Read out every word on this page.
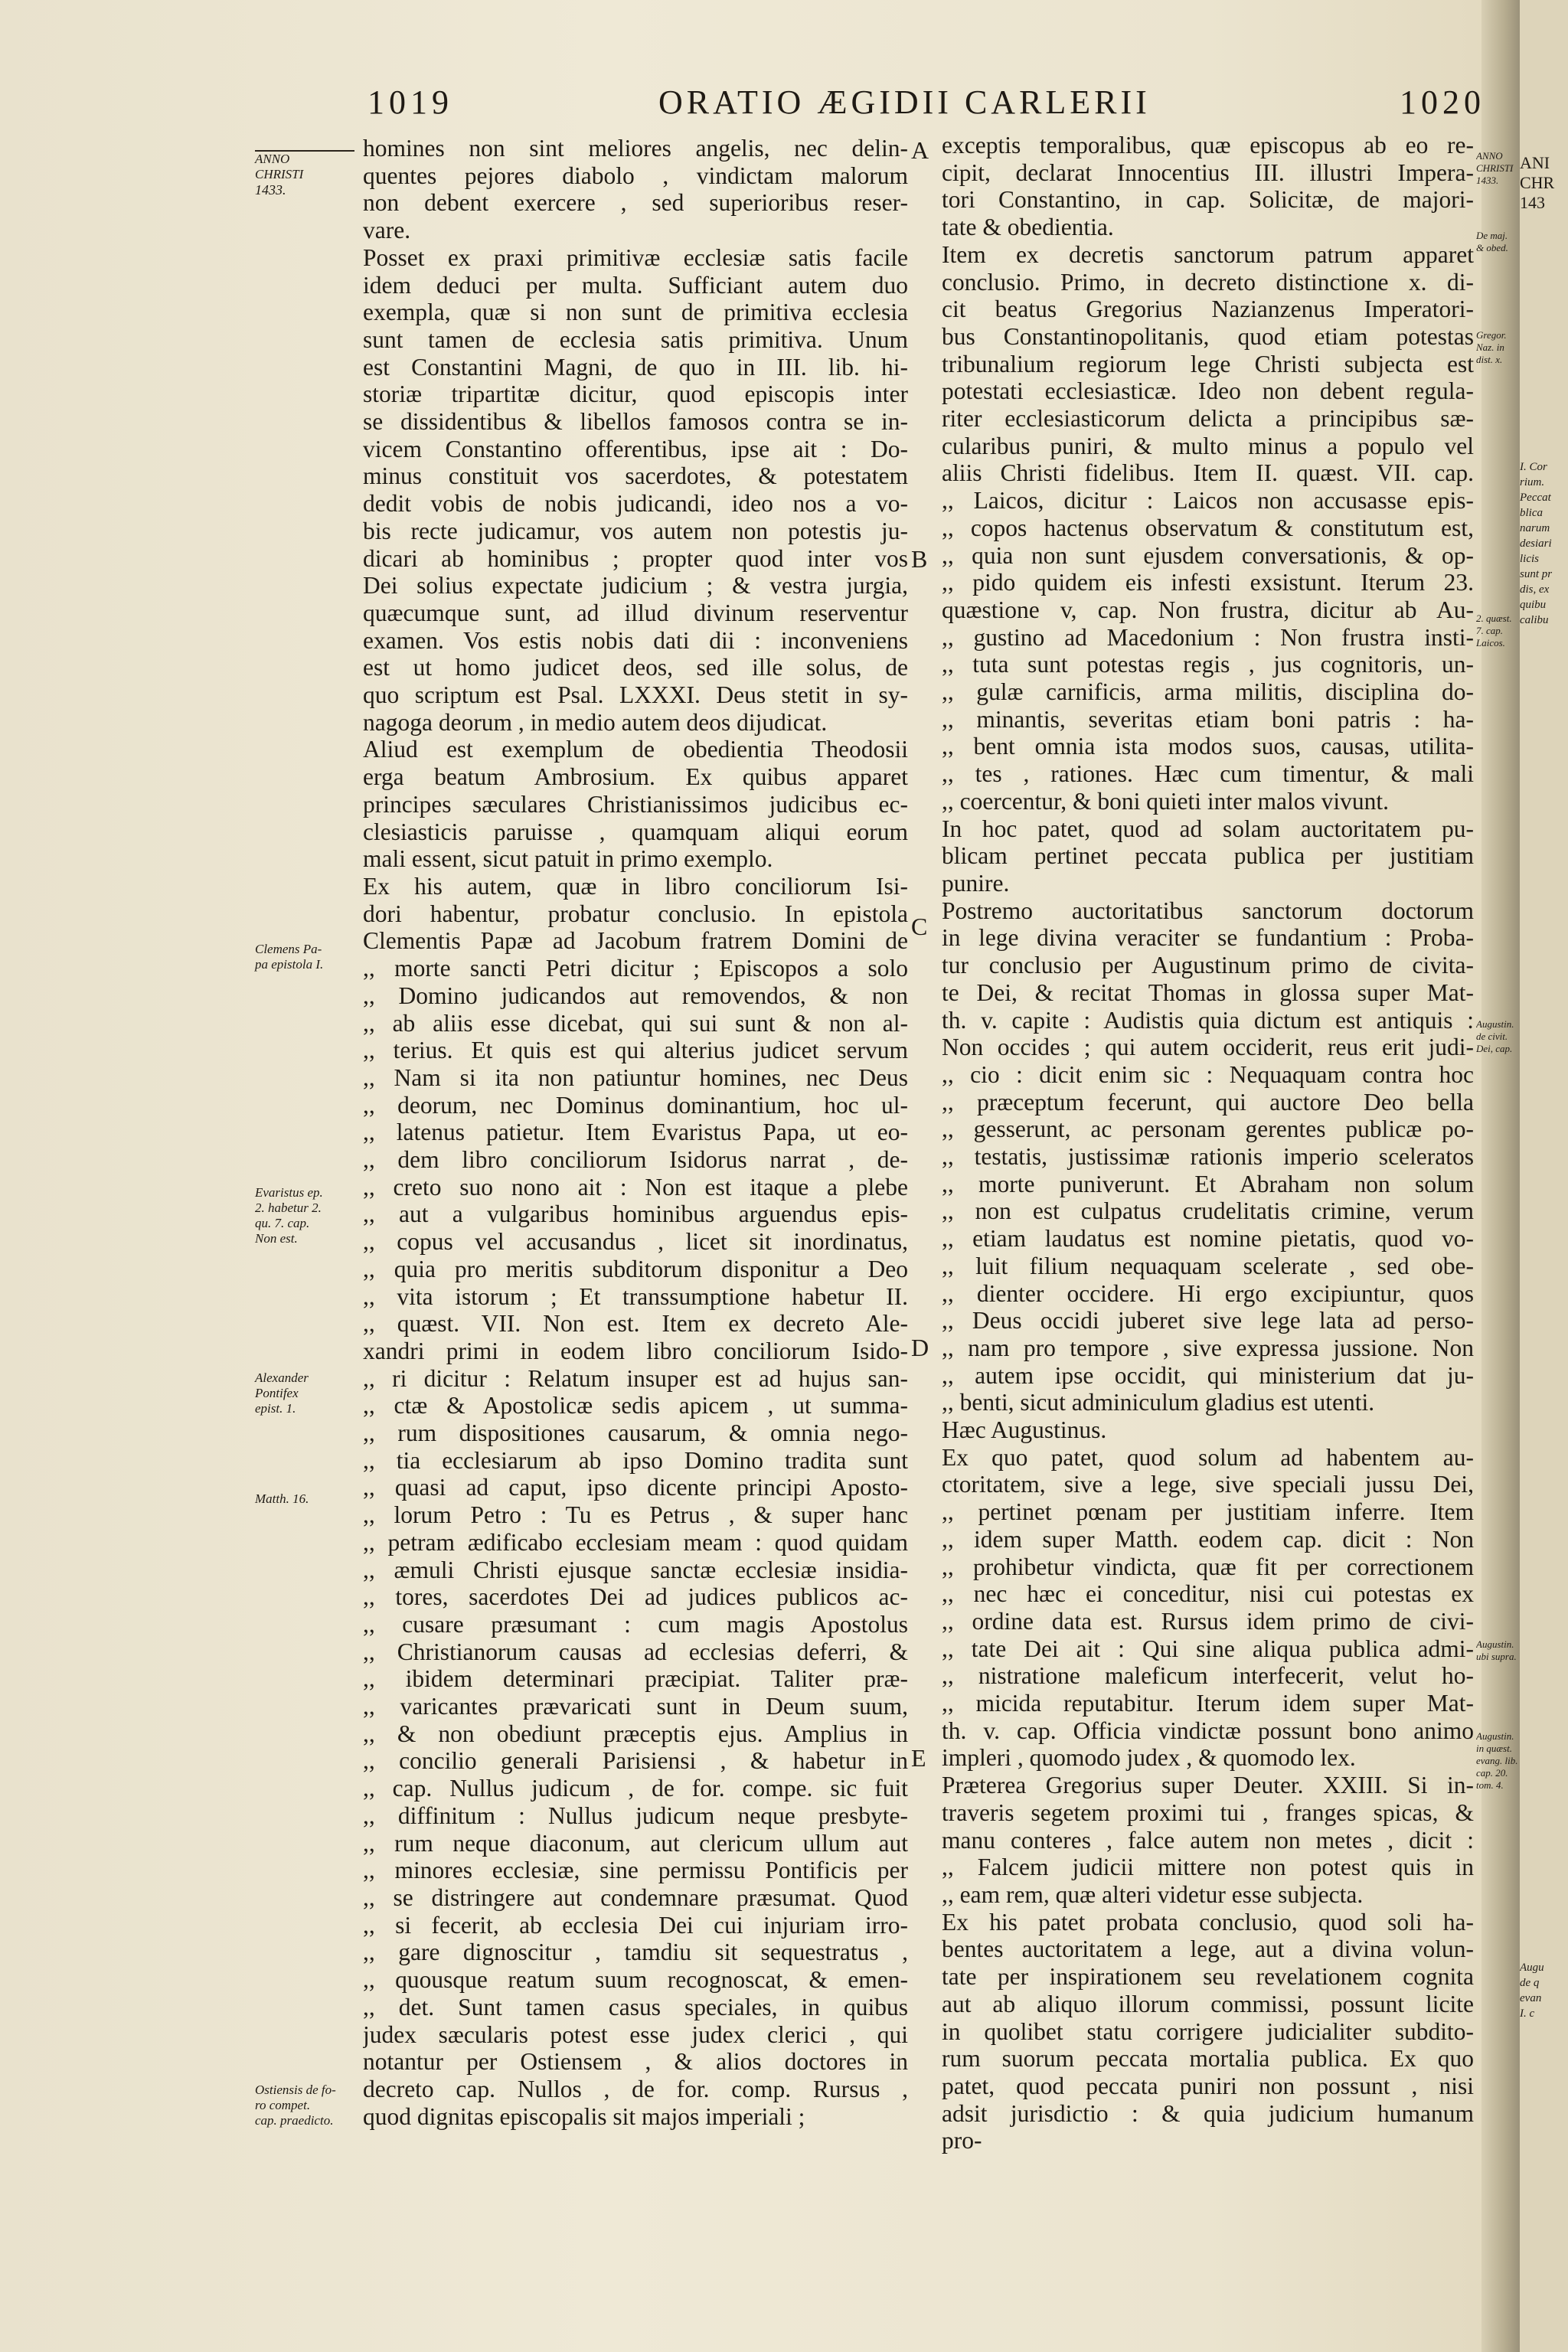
ANI
CHR
143
I. Cor
rium.
Peccat
blica
narum
desiari
licis
sunt pr
dis, ex
quibu
calibu
Augu
de q
evan
I. c
1019	ORATIO ÆGIDII CARLERII	1020
ANNO
CHRISTI
1433.
Clemens Pa-
pa epistola I.
Evaristus ep.
2. habetur 2.
qu. 7. cap.
Non est.
Alexander
Pontifex
epist. 1.
Matth. 16.
Ostiensis de fo-
ro compet.
cap. praedicto.
A
B
C
D
E
homines non sint meliores angelis, nec delin-
quentes pejores diabolo , vindictam malorum
non debent exercere , sed superioribus reser-
vare.
Posset ex praxi primitivæ ecclesiæ satis facile
idem deduci per multa. Sufficiant autem duo
exempla, quæ si non sunt de primitiva ecclesia
sunt tamen de ecclesia satis primitiva. Unum
est Constantini Magni, de quo in III. lib. hi-
storiæ tripartitæ dicitur, quod episcopis inter
se dissidentibus & libellos famosos contra se in-
vicem Constantino offerentibus, ipse ait : Do-
minus constituit vos sacerdotes, & potestatem
dedit vobis de nobis judicandi, ideo nos a vo-
bis recte judicamur, vos autem non potestis ju-
dicari ab hominibus ; propter quod inter vos
Dei solius expectate judicium ; & vestra jurgia,
quæcumque sunt, ad illud divinum reserventur
examen. Vos estis nobis dati dii : inconveniens
est ut homo judicet deos, sed ille solus, de
quo scriptum est Psal. LXXXI. Deus stetit in sy-
nagoga deorum , in medio autem deos dijudicat.
Aliud est exemplum de obedientia Theodosii
erga beatum Ambrosium. Ex quibus apparet
principes sæculares Christianissimos judicibus ec-
clesiasticis paruisse , quamquam aliqui eorum
mali essent, sicut patuit in primo exemplo.
Ex his autem, quæ in libro conciliorum Isi-
dori habentur, probatur conclusio. In epistola
Clementis Papæ ad Jacobum fratrem Domini de
,, morte sancti Petri dicitur ; Episcopos a solo
,, Domino judicandos aut removendos, & non
,, ab aliis esse dicebat, qui sui sunt & non al-
,, terius. Et quis est qui alterius judicet servum
,, Nam si ita non patiuntur homines, nec Deus
,, deorum, nec Dominus dominantium, hoc ul-
,, latenus patietur. Item Evaristus Papa, ut eo-
,, dem libro conciliorum Isidorus narrat , de-
,, creto suo nono ait : Non est itaque a plebe
,, aut a vulgaribus hominibus arguendus epis-
,, copus vel accusandus , licet sit inordinatus,
,, quia pro meritis subditorum disponitur a Deo
,, vita istorum ; Et transsumptione habetur II.
,, quæst. VII. Non est. Item ex decreto Ale-
xandri primi in eodem libro conciliorum Isido-
,, ri dicitur : Relatum insuper est ad hujus san-
,, ctæ & Apostolicæ sedis apicem , ut summa-
,, rum dispositiones causarum, & omnia nego-
,, tia ecclesiarum ab ipso Domino tradita sunt
,, quasi ad caput, ipso dicente principi Aposto-
,, lorum Petro : Tu es Petrus , & super hanc
,, petram ædificabo ecclesiam meam : quod quidam
,, æmuli Christi ejusque sanctæ ecclesiæ insidia-
,, tores, sacerdotes Dei ad judices publicos ac-
,, cusare præsumant : cum magis Apostolus
,, Christianorum causas ad ecclesias deferri, &
,, ibidem determinari præcipiat. Taliter præ-
,, varicantes prævaricati sunt in Deum suum,
,, & non obediunt præceptis ejus. Amplius in
,, concilio generali Parisiensi , & habetur in
,, cap. Nullus judicum , de for. compe. sic fuit
,, diffinitum : Nullus judicum neque presbyte-
,, rum neque diaconum, aut clericum ullum aut
,, minores ecclesiæ, sine permissu Pontificis per
,, se distringere aut condemnare præsumat. Quod
,, si fecerit, ab ecclesia Dei cui injuriam irro-
,, gare dignoscitur , tamdiu sit sequestratus ,
,, quousque reatum suum recognoscat, & emen-
,, det. Sunt tamen casus speciales, in quibus
judex sæcularis potest esse judex clerici , qui
notantur per Ostiensem , & alios doctores in
decreto cap. Nullos , de for. comp. Rursus ,
quod dignitas episcopalis sit majos imperiali ;
exceptis temporalibus, quæ episcopus ab eo re-
cipit, declarat Innocentius III. illustri Impera-
tori Constantino, in cap. Solicitæ, de majori-
tate & obedientia.
Item ex decretis sanctorum patrum apparet
conclusio. Primo, in decreto distinctione x. di-
cit beatus Gregorius Nazianzenus Imperatori-
bus Constantinopolitanis, quod etiam potestas
tribunalium regiorum lege Christi subjecta est
potestati ecclesiasticæ. Ideo non debent regula-
riter ecclesiasticorum delicta a principibus sæ-
cularibus puniri, & multo minus a populo vel
aliis Christi fidelibus. Item II. quæst. VII. cap.
,, Laicos, dicitur : Laicos non accusasse epis-
,, copos hactenus observatum & constitutum est,
,, quia non sunt ejusdem conversationis, & op-
,, pido quidem eis infesti exsistunt. Iterum 23.
quæstione v, cap. Non frustra, dicitur ab Au-
,, gustino ad Macedonium : Non frustra insti-
,, tuta sunt potestas regis , jus cognitoris, un-
,, gulæ carnificis, arma militis, disciplina do-
,, minantis, severitas etiam boni patris : ha-
,, bent omnia ista modos suos, causas, utilita-
,, tes , rationes. Hæc cum timentur, & mali
,, coercentur, & boni quieti inter malos vivunt.
In hoc patet, quod ad solam auctoritatem pu-
blicam pertinet peccata publica per justitiam
punire.
Postremo auctoritatibus sanctorum doctorum
in lege divina veraciter se fundantium : Proba-
tur conclusio per Augustinum primo de civita-
te Dei, & recitat Thomas in glossa super Mat-
th. v. capite : Audistis quia dictum est antiquis :
Non occides ; qui autem occiderit, reus erit judi-
,, cio : dicit enim sic : Nequaquam contra hoc
,, præceptum fecerunt, qui auctore Deo bella
,, gesserunt, ac personam gerentes publicæ po-
,, testatis, justissimæ rationis imperio sceleratos
,, morte puniverunt. Et Abraham non solum
,, non est culpatus crudelitatis crimine, verum
,, etiam laudatus est nomine pietatis, quod vo-
,, luit filium nequaquam scelerate , sed obe-
,, dienter occidere. Hi ergo excipiuntur, quos
,, Deus occidi juberet sive lege lata ad perso-
,, nam pro tempore , sive expressa jussione. Non
,, autem ipse occidit, qui ministerium dat ju-
,, benti, sicut adminiculum gladius est utenti.
Hæc Augustinus.
Ex quo patet, quod solum ad habentem au-
ctoritatem, sive a lege, sive speciali jussu Dei,
,, pertinet pœnam per justitiam inferre. Item
,, idem super Matth. eodem cap. dicit : Non
,, prohibetur vindicta, quæ fit per correctionem
,, nec hæc ei conceditur, nisi cui potestas ex
,, ordine data est. Rursus idem primo de civi-
,, tate Dei ait : Qui sine aliqua publica admi-
,, nistratione maleficum interfecerit, velut ho-
,, micida reputabitur. Iterum idem super Mat-
th. v. cap. Officia vindictæ possunt bono animo
impleri , quomodo judex , & quomodo lex.
Præterea Gregorius super Deuter. XXIII. Si in-
traveris segetem proximi tui , franges spicas, &
manu conteres , falce autem non metes , dicit :
,, Falcem judicii mittere non potest quis in
,, eam rem, quæ alteri videtur esse subjecta.
Ex his patet probata conclusio, quod soli ha-
bentes auctoritatem a lege, aut a divina volun-
tate per inspirationem seu revelationem cognita
aut ab aliquo illorum commissi, possunt licite
in quolibet statu corrigere judicialiter subdito-
rum suorum peccata mortalia publica. Ex quo
patet, quod peccata puniri non possunt , nisi
adsit jurisdictio : & quia judicium humanum
pro-
ANNO
CHRISTI
1433.
De maj.
& obed.
Gregor.
Naz. in
dist. x.
2. quæst.
7. cap.
Laicos.
Augustin.
de civit.
Dei, cap.
Augustin.
ubi supra.
Augustin.
in quæst.
evang. lib.
cap. 20.
tom. 4.
